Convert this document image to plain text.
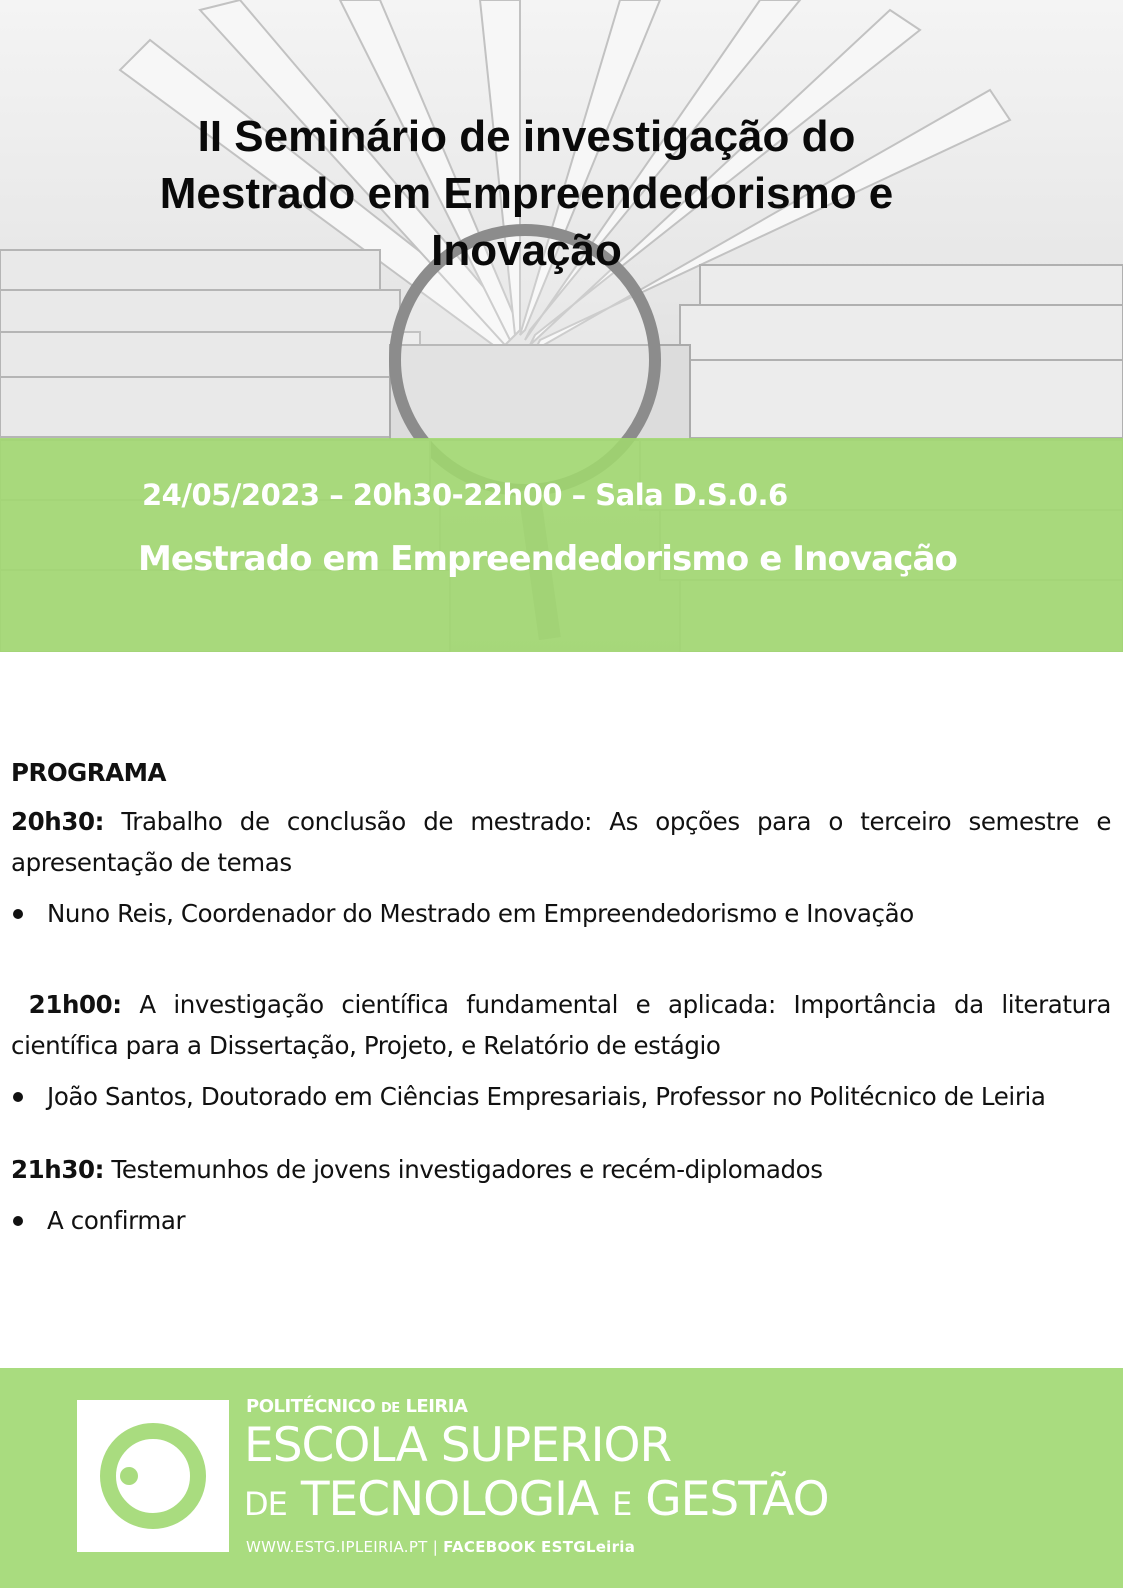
II Seminário de investigação do Mestrado em Empreendedorismo e Inovação
24/05/2023 – 20h30-22h00 – Sala D.S.0.6
Mestrado em Empreendedorismo e Inovação
PROGRAMA

20h30: Trabalho de conclusão de mestrado: As opções para o terceiro semestre e apresentação de temas

Nuno Reis, Coordenador do Mestrado em Empreendedorismo e Inovação

21h00: A investigação científica fundamental e aplicada: Importância da literatura científica para a Dissertação, Projeto, e Relatório de estágio

João Santos, Doutorado em Ciências Empresariais, Professor no Politécnico de Leiria

21h30: Testemunhos de jovens investigadores e recém-diplomados

A confirmar
POLITÉCNICO DE LEIRIA
ESCOLA SUPERIOR
DE TECNOLOGIA E GESTÃO
WWW.ESTG.IPLEIRIA.PT | FACEBOOK ESTGLeiria
